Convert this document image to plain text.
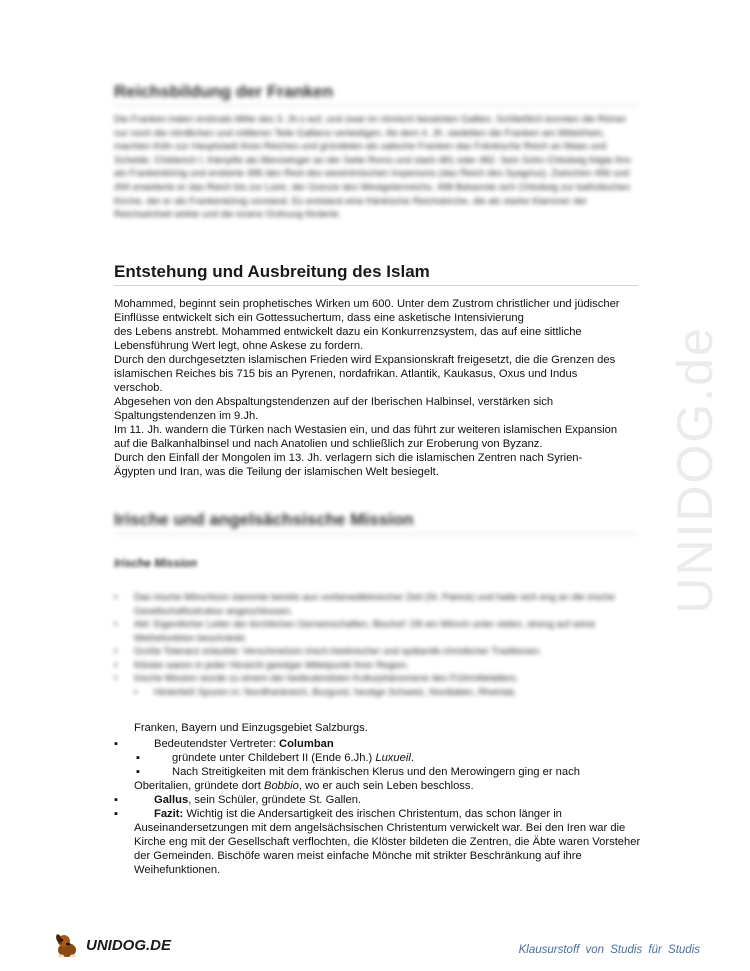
UNIDOG.de
Reichsbildung der Franken

Die Franken traten erstmals Mitte des 3. Jh.s auf, und zwar im römisch besetzten Gallien. Schließlich konnten die Römer nur noch die nördlichen und mittleren Teile Galliens verteidigen. Ab dem 4. Jh. siedelten die Franken am Mittelrhein, machten Köln zur Hauptstadt ihres Reiches und gründeten als salische Franken das Fränkische Reich an Maas und Schelde. Childerich I. Kämpfte als Merowinger an der Seite Roms und starb 481 oder 482. Sein Sohn Chlodwig folgte ihm als Frankenkönig und eroberte 486 den Rest des weströmischen Imperiums (das Reich des Syagrius). Zwischen 496 und 494 erweiterte er das Reich bis zur Loire, der Grenze des Westgotenreichs. 498 Bekannte sich Chlodwig zur katholischen Kirche, der er als Frankenkönig vorstand. Es entstand eine fränkische Reichskirche, die als starke Klammer der Reichseinheit wirkte und die innere Ordnung förderte.

Entstehung und Ausbreitung des Islam

Mohammed, beginnt sein prophetisches Wirken um 600. Unter dem Zustrom christlicher und jüdischer

Einflüsse entwickelt sich ein Gottessuchertum, dass eine asketische Intensivierung

des Lebens anstrebt. Mohammed entwickelt dazu ein Konkurrenzsystem, das auf eine sittliche

Lebensführung Wert legt, ohne Askese zu fordern.

Durch den durchgesetzten islamischen Frieden wird Expansionskraft freigesetzt, die die Grenzen des

islamischen Reiches bis 715 bis an Pyrenen, nordafrikan. Atlantik, Kaukasus, Oxus und Indus

verschob.

Abgesehen von den Abspaltungstendenzen auf der Iberischen Halbinsel, verstärken sich

Spaltungstendenzen im 9.Jh.

Im 11. Jh. wandern die Türken nach Westasien ein, und das führt zur weiteren islamischen Expansion

auf die Balkanhalbinsel und nach Anatolien und schließlich zur Eroberung von Byzanz.

Durch den Einfall der Mongolen im 13. Jh. verlagern sich die islamischen Zentren nach Syrien-

Ägypten und Iran, was die Teilung der islamischen Welt besiegelt.

Irische und angelsächsische Mission
Irische Mission
• Das irische Mönchtum stammte bereits aus vorbenediktinischer Zeit (St. Patrick) und hatte sich eng an die irische Gesellschaftsstruktur angeschlossen.
• Abt: Eigentlicher Leiter der kirchlichen Gemeinschaften, Bischof: Oft ein Mönch unter vielen, streng auf seine Weihefunktion beschränkt.
• Große Toleranz erlaubte: Verschmelzen irisch-heidnischer und spätantik-christlicher Traditionen.
• Klöster waren in jeder Hinsicht geistiger Mittelpunkt ihrer Region.
• Irische Mission wurde zu einem der bedeutendsten Kulturphänomene des Frühmittelalters.
• Hinterließ Spuren in: Nordfrankreich, Burgund, heutige Schweiz, Nordtalien, Rheintal,

Franken, Bayern und Einzugsgebiet Salzburgs.

▪	Bedeutendster Vertreter: Columban
▪	gründete unter Childebert II (Ende 6.Jh.) Luxueil.
▪	Nach Streitigkeiten mit dem fränkischen Klerus und den Merowingern ging er nach
Oberitalien, gründete dort Bobbio, wo er auch sein Leben beschloss.
▪	Gallus, sein Schüler, gründete St. Gallen.
▪	Fazit: Wichtig ist die Andersartigkeit des irischen Christentum, das schon länger in Auseinandersetzungen mit dem angelsächsischen Christentum verwickelt war. Bei den Iren war die Kirche eng mit der Gesellschaft verflochten, die Klöster bildeten die Zentren, die Äbte waren Vorsteher der Gemeinden. Bischöfe waren meist einfache Mönche mit strikter Beschränkung auf ihre Weihefunktionen.
UNIDOG.DE	Klausurstoff von Studis für Studis
